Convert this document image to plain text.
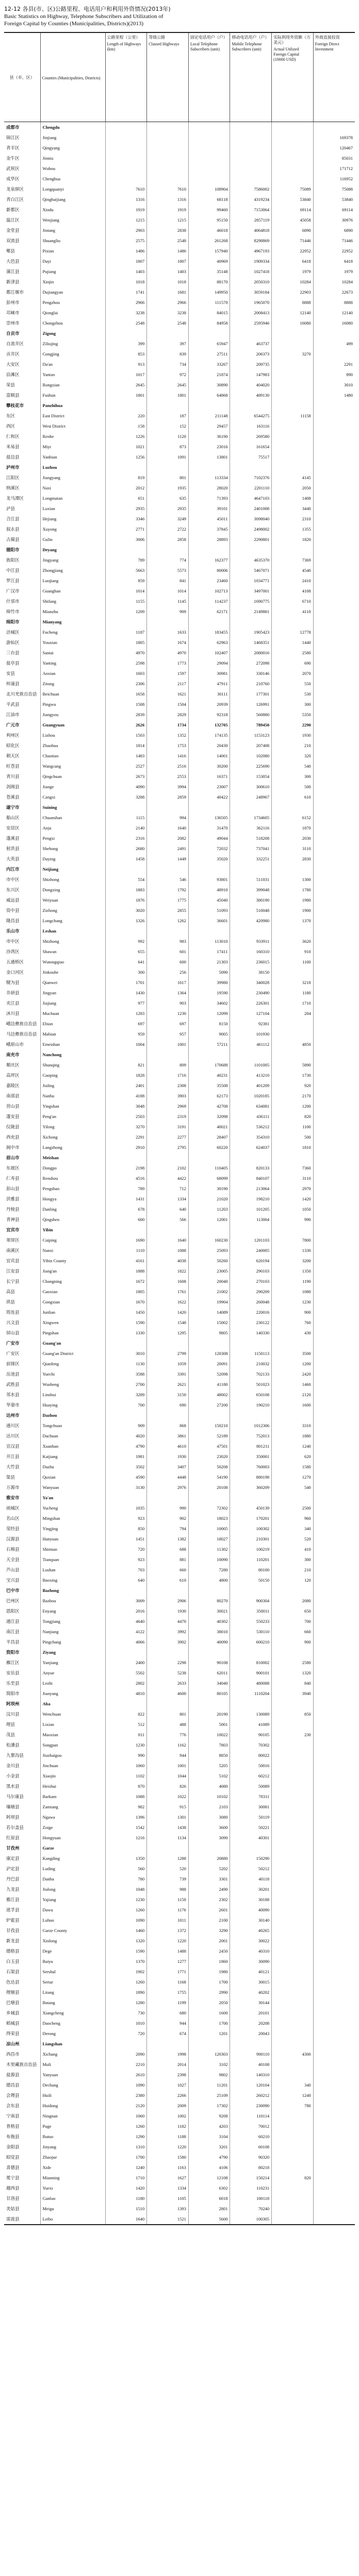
12-12 各县(市、区)公路里程、电话用户和利用外资情况(2013年)
Basic Statistics on Highway, Telephone Subscribers and Utilization of
Foreign Capital by Counties (Municipalities, Districts)(2013)
县（市、区）	Counties (Municipalities, Districts)	公路里程（公里）
Length of Highways (km)	等级公路
Classed Highways	固定电话用户（户）
Local Telephone Subscribers (unit)	移动电话用户（户）
Mobile Telephone Subscribers (unit)	实际利用外资额（万美元）
Actual Utilized Foreign Capital (10000 USD)	外商直接投资
Foreign Direct Investment

成都市	Chengdu						
锦江区	Jinjiang						169378
青羊区	Qingyang						120467
金牛区	Jinniu						85031
武侯区	Wuhou						171712
成华区	Chenghua						116952
龙泉驿区	Longquanyi	7610	7610	108904	7586002	75089	75088
青白江区	Qingbaijiang	1316	1316	68118	4319234	53840	53840
新都区	Xindu	1919	1919	99460	7153064	69114	69114
温江区	Wenjiang	1215	1215	95150	2857119	45058	30976
金堂县	Jintang	2903	2838	46018	4064818	6890	6890
双流县	Shuangliu	2575	2548	261268	8298869	71446	71446
郫县	Pixian	1486	1486	157940	4967193	22952	22952
大邑县	Dayi	1807	1807	40969	1909334	6418	6418
蒲江县	Pujiang	1403	1403	35148	1027418	1979	1979
新津县	Xinjin	1018	1018	88170	2050310	10284	10284
都江堰市	Dujiangyan	1741	1681	149950	3059184	22903	22673
彭州市	Pengzhou	2966	2966	111570	1965070	8888	8888
邛崃市	Qionglai	3238	3238	84015	2008413	12140	12140
崇州市	Chongzhou	2548	2548	84958	2595946	16080	16080
自贡市	Zigong						
自流井区	Ziliujing	399	397	65947	463737		499
贡井区	Gongjing	853	839	27511	206373	3270	
大安区	Da'an	913	734	33267	209735		2291
沿滩区	Yantan	1017	972	21874	147983		890
荣县	Rongxian	2645	2645	30890	404020		3010
富顺县	Fushun	1801	1801	64868	489130		1480
攀枝花市	Panzhihua						
东区	East District	220	187	211148	6544275	11158	
西区	West District	158	152	29457	163116		
仁和区	Renhe	1226	1120	36190	269580		
米易县	Miyi	1021	873	23016	161654		
盐边县	Yanbian	1256	1091	13801	75517		
泸州市	Luzhou						
江阳区	Jiangyang	819	801	113334	7102376	4145	
纳溪区	Naxi	2012	1935	28020	2201110	2050	
龙马潭区	Longmatan	651	635	71393	4647103	1408	
泸县	Luxian	2935	2935	39101	2401008	3440	
合江县	Hejiang	3346	3249	45011	3098040	2310	
叙永县	Xuyong	2771	2722	37845	2498002	1355	
古蔺县	Gulin	3006	2858	28893	2290801	1820	
德阳市	Deyang						
旌阳区	Jingyang	789	774	162377	4635370	7369	
中江县	Zhongjiang	5663	5573	80006	5467071	4540	
罗江县	Luojiang	859	841	23460	1034771	2410	
广汉市	Guanghan	1014	1014	102713	3497001	4108	
什邡市	Shifang	1155	1145	114237	1690775	6710	
绵竹市	Mianzhu	1209	909	62171	2149881	4110	
绵阳市	Mianyang						
涪城区	Fucheng	1187	1633	183455	1905423	12778	
游仙区	Youxian	1805	1674	62963	1468351	1440	
三台县	Santai	4970	4970	102407	2080016	2580	
盐亭县	Yanting	2598	1773	29094	272098	690	
安县	Anxian	1603	1597	30981	330146	2070	
梓潼县	Zitong	2306	2117	47911	210760	550	
北川羌族自治县	Beichuan	1658	1621	30111	177301	530	
平武县	Pingwu	1508	1504	20939	126991	300	
江油市	Jiangyou	2839	2829	92318	560880	5350	
广元市	Guangyuan	2626	1734	132705	789450	2290	
利州区	Lizhou	1503	1352	174135	1153123	1930	
昭化区	Zhaohua	1814	1753	20430	207408	210	
朝天区	Chaotian	1483	1416	14001	102080	320	
旺苍县	Wangcang	2527	2516	30200	225690	540	
青川县	Qingchuan	2673	2553	16371	153054	300	
剑阁县	Jiange	4090	3994	23007	300610	500	
苍溪县	Cangxi	3288	2859	40422	248967	610	
遂宁市	Suining						
船山区	Chuanshan	1115	994	136505	1734605	6152	
安居区	Anju	2140	1640	31470	362116	1870	
蓬溪县	Pengxi	2316	2082	49044	518208	2030	
射洪县	Shehong	2680	2491	72032	737041	3110	
大英县	Daying	1458	1449	35020	332251	2830	
内江市	Neijiang						
市中区	Shizhong	554	546	93801	511031	1300	
东兴区	Dongxing	1883	1792	48910	399048	1780	
威远县	Weiyuan	1876	1775	45040	380190	1980	
资中县	Zizhong	3020	2855	51093	510048	1900	
隆昌县	Longchang	1326	1262	36601	420980	1370	
乐山市	Leshan						
市中区	Shizhong	992	983	113010	933911	3620	
沙湾区	Shawan	655	601	17411	160310	910	
五通桥区	Wutongqiao	641	600	21303	236015	1100	
金口河区	Jinkouhe	300	256	5090	38150		
犍为县	Qianwei	1701	1617	39980	340028	3218	
井研县	Jingyan	1430	1364	19590	230490	1180	
夹江县	Jiajiang	977	903	34602	226301	1710	
沐川县	Muchuan	1283	1230	12099	127104	204	
峨边彝族自治县	Ebian	697	697	8150	92381		
马边彝族自治县	Mabian	959	957	9005	101930		
峨眉山市	Emeishan	1004	1001	57211	461112	4850	
南充市	Nanchong						
顺庆区	Shunqing	821	809	170688	1101005	5890	
高坪区	Gaoping	1828	1716	40231	413210	1730	
嘉陵区	Jialing	2401	2308	35508	401209	920	
南部县	Nanbu	4188	3903	62173	1020185	2170	
营山县	Yingshan	3048	2969	42708	634081	1200	
蓬安县	Peng'an	2503	2319	32098	436111	820	
仪陇县	Yilong	3270	3191	40021	536212	1100	
西充县	Xichong	2291	2277	28407	354310	500	
阆中市	Langzhong	2910	2795	60220	624037	1810	
眉山市	Meishan						
东坡区	Dongpo	2198	2102	110405	820133	7360	
仁寿县	Renshou	4516	4422	68099	840107	3110	
彭山县	Pengshan	789	712	30190	213064	2970	
洪雅县	Hongya	1431	1334	21020	198210	1420	
丹棱县	Danling	678	640	11203	101205	1050	
青神县	Qingshen	600	566	12001	113004	990	
宜宾市	Yibin						
翠屏区	Cuiping	1690	1640	160230	1201103	7800	
南溪区	Nanxi	1110	1088	25093	240005	1330	
宜宾县	Yibin County	4161	4038	50260	620194	3200	
江安县	Jiang'an	1888	1822	23005	290103	1350	
长宁县	Changning	1672	1608	20040	270103	1190	
高县	Gaoxian	1805	1761	21002	290209	1080	
珙县	Gongxian	1670	1622	19904	260048	1230	
筠连县	Junlian	1450	1420	14089	220016	900	
兴文县	Xingwen	1590	1548	15002	230122	760	
屏山县	Pingshan	1330	1295	9805	140330	430	
广安市	Guang'an						
广安区	Guang'an District	3010	2799	120308	1150113	3500	
前锋区	Qianfeng	1130	1059	20091	210032	1200	
岳池县	Yuechi	3588	3391	52098	702133	2420	
武胜县	Wusheng	2700	2621	41180	501023	1460	
邻水县	Linshui	3289	3150	48002	650108	2120	
华蓥市	Huaying	700	690	27200	190210	1600	
达州市	Dazhou						
通川区	Tongchuan	909	868	150210	1012306	3310	
达川区	Dachuan	4020	3861	52189	752013	1880	
宣汉县	Xuanhan	4790	4610	47501	801211	1240	
开江县	Kaijiang	1981	1930	23020	350001	620	
大竹县	Dazhu	3502	3407	50208	760003	1580	
渠县	Quxian	4590	4448	54190	880198	1270	
万源市	Wanyuan	3130	2976	20108	360209	540	
雅安市	Ya'an						
雨城区	Yucheng	1035	990	72302	450139	2500	
名山区	Mingshan	923	902	18023	170201	960	
荥经县	Yingjing	850	794	10005	100302	340	
汉源县	Hanyuan	1451	1382	18027	210301	520	
石棉县	Shimian	720	688	11302	100219	410	
天全县	Tianquan	923	881	10090	110201	300	
芦山县	Lushan	703	660	7280	80100	210	
宝兴县	Baoxing	640	610	4800	50150	120	
巴中市	Bazhong						
巴州区	Bazhou	3009	2906	80270	900304	2080	
恩阳区	Enyang	2016	1930	30021	350011	650	
通江县	Tongjiang	4640	4470	40302	550233	700	
南江县	Nanjiang	4122	3992	38010	530110	660	
平昌县	Pingchang	4066	3902	40090	600210	900	
资阳市	Ziyang						
雁江区	Yanjiang	2400	2298	90108	810002	2580	
安岳县	Anyue	5502	5238	62011	900101	1320	
乐至县	Lezhi	2802	2633	34040	480088	840	
简阳市	Jianyang	4810	4600	80105	1110204	3940	
阿坝州	Aba						
汶川县	Wenchuan	822	801	20190	130089	850	
理县	Lixian	512	488	5001	41089		
茂县	Maoxian	811	776	10022	90105	230	
松潘县	Songpan	1230	1162	7803	70302		
九寨沟县	Jiuzhaigou	990	944	8850	80022		
金川县	Jinchuan	1060	1001	5205	50016		
小金县	Xiaojin	1102	1044	5102	60212		
黑水县	Heishui	870	826	4080	50089		
马尔康县	Barkam	1088	1022	10102	70311		
壤塘县	Zamtang	982	915	2103	30081		
阿坝县	Ngawa	1396	1301	3080	50119		
若尔盖县	Zoige	1542	1438	3600	50221		
红原县	Hongyuan	1216	1134	3090	40301		
甘孜州	Garze						
康定县	Kangding	1350	1288	20880	150290		
泸定县	Luding	560	520	5202	50212		
丹巴县	Danba	780	739	3301	40118		
九龙县	Jiulong	1048	988	2490	30201		
雅江县	Yajiang	1230	1150	2302	30188		
道孚县	Dawu	1260	1176	2601	40090		
炉霍县	Luhuo	1090	1011	2100	30140		
甘孜县	Garze County	1460	1372	3290	40265		
新龙县	Xinlong	1320	1220	2001	30022		
德格县	Dege	1590	1488	2450	40310		
白玉县	Baiyu	1370	1277	1860	30090		
石渠县	Sershul	1902	1771	1980	40121		
色达县	Sertar	1260	1168	1700	30015		
理塘县	Litang	1890	1755	2990	40202		
巴塘县	Batang	1280	1199	2050	30144		
乡城县	Xiangcheng	730	680	1600	20101		
稻城县	Daocheng	1010	944	1700	20208		
得荣县	Derong	720	674	1201	20043		
凉山州	Liangshan						
西昌市	Xichang	2090	1998	120303	900110	4300	
木里藏族自治县	Muli	2210	2014	3102	40108		
盐源县	Yanyuan	2610	2398	9802	140310		
德昌县	Dechang	1090	1027	11201	120104	340	
会理县	Huili	2380	2266	25109	260212	1240	
会东县	Huidong	2120	2009	17302	230090	780	
宁南县	Ningnan	1060	1002	9208	110114		
普格县	Puge	1260	1182	4203	70012		
布拖县	Butuo	1290	1188	3104	60210		
金阳县	Jinyang	1310	1220	3201	60108		
昭觉县	Zhaojue	1700	1580	4790	90320		
喜德县	Xide	1240	1163	4106	80218		
冕宁县	Mianning	1710	1627	12108	150214	820	
越西县	Yuexi	1420	1334	6302	110231		
甘洛县	Ganluo	1180	1105	6018	100118		
美姑县	Meigu	1510	1393	2801	70240		
雷波县	Leibo	1640	1521	5600	100305		
